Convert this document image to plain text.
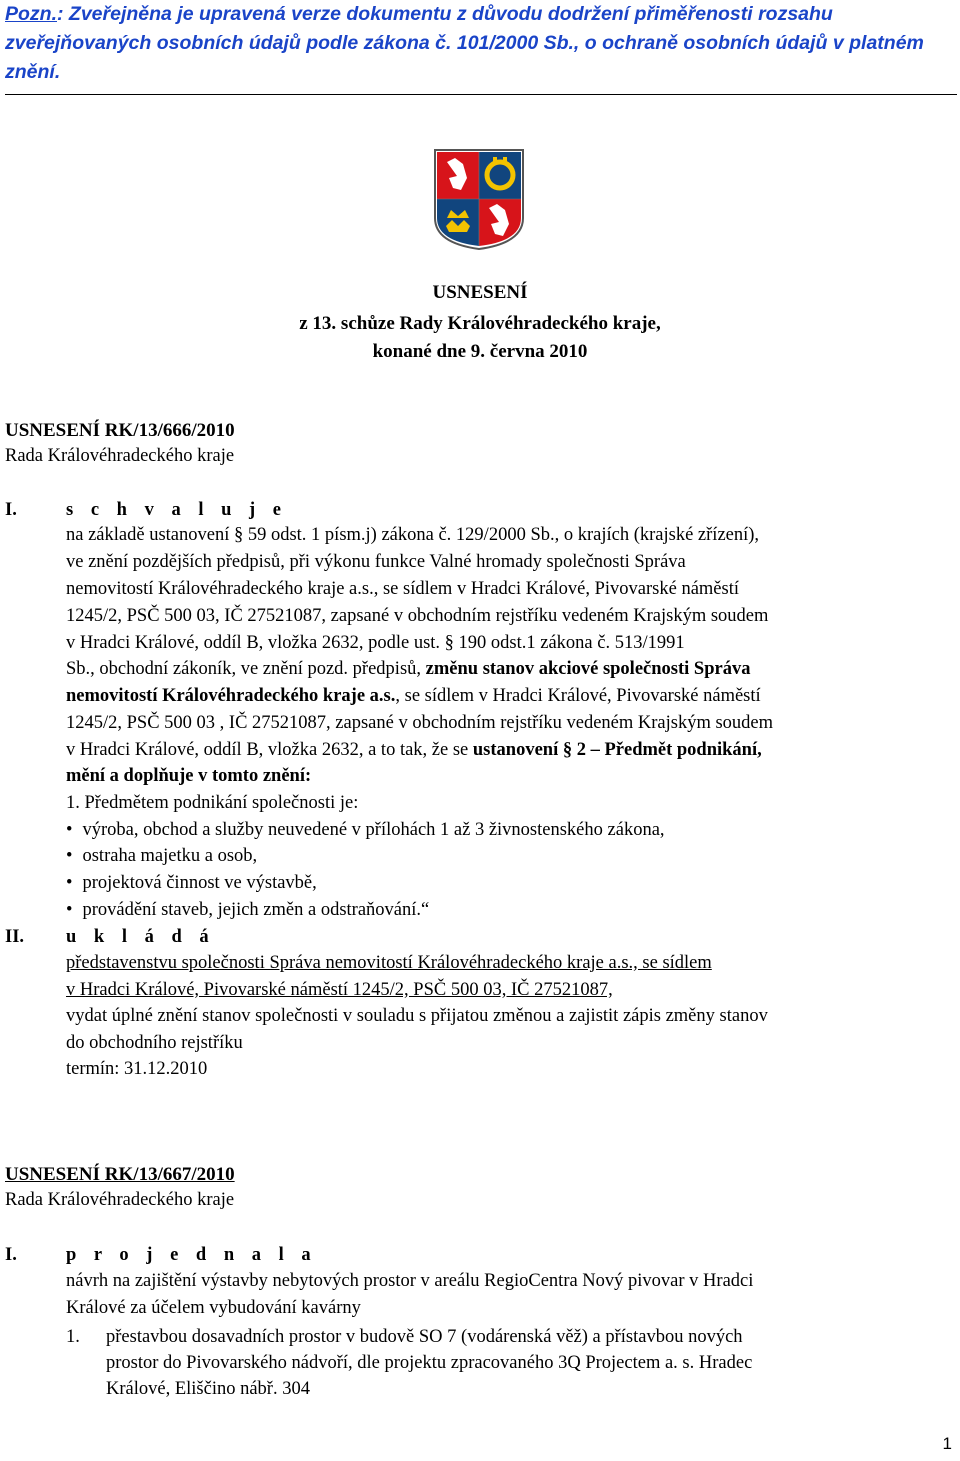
Pozn.: Zveřejněna je upravená verze dokumentu z důvodu dodržení přiměřenosti rozsahu zveřejňovaných osobních údajů podle zákona č. 101/2000 Sb., o ochraně osobních údajů v platném znění.
USNESENÍ
z 13. schůze Rady Královéhradeckého kraje,
konané dne 9. června 2010
USNESENÍ RK/13/666/2010
Rada Královéhradeckého kraje
I.	s c h v a l u j e
na základě ustanovení § 59 odst. 1 písm.j) zákona č. 129/2000 Sb., o krajích (krajské zřízení),
ve znění pozdějších předpisů, při výkonu funkce Valné hromady společnosti Správa
nemovitostí Královéhradeckého kraje a.s., se sídlem v Hradci Králové, Pivovarské náměstí
1245/2, PSČ 500 03, IČ 27521087, zapsané v obchodním rejstříku vedeném Krajským soudem
v Hradci Králové, oddíl B, vložka 2632, podle ust. § 190 odst.1 zákona č. 513/1991
Sb., obchodní zákoník, ve znění pozd. předpisů, změnu stanov akciové společnosti Správa
nemovitostí Královéhradeckého kraje a.s., se sídlem v Hradci Králové, Pivovarské náměstí
1245/2, PSČ 500 03 , IČ 27521087, zapsané v obchodním rejstříku vedeném Krajským soudem
v Hradci Králové, oddíl B, vložka 2632, a to tak, že se ustanovení § 2 – Předmět podnikání,
mění a doplňuje v tomto znění:
1. Předmětem podnikání společnosti je:
• výroba, obchod a služby neuvedené v přílohách 1 až 3 živnostenského zákona,
• ostraha majetku a osob,
• projektová činnost ve výstavbě,
• provádění staveb, jejich změn a odstraňování.“
II. u k l á d á
představenstvu společnosti Správa nemovitostí Královéhradeckého kraje a.s., se sídlem
v Hradci Králové, Pivovarské náměstí 1245/2, PSČ 500 03, IČ 27521087,
vydat úplné znění stanov společnosti v souladu s přijatou změnou a zajistit zápis změny stanov
do obchodního rejstříku
termín: 31.12.2010
USNESENÍ RK/13/667/2010
Rada Královéhradeckého kraje
I.	p r o j e d n a l a
návrh na zajištění výstavby nebytových prostor v areálu RegioCentra Nový pivovar v Hradci
Králové za účelem vybudování kavárny
1. přestavbou dosavadních prostor v budově SO 7 (vodárenská věž) a přístavbou nových
prostor do Pivovarského nádvoří, dle projektu zpracovaného 3Q Projectem a. s. Hradec
Králové, Eliščino nábř. 304
1
